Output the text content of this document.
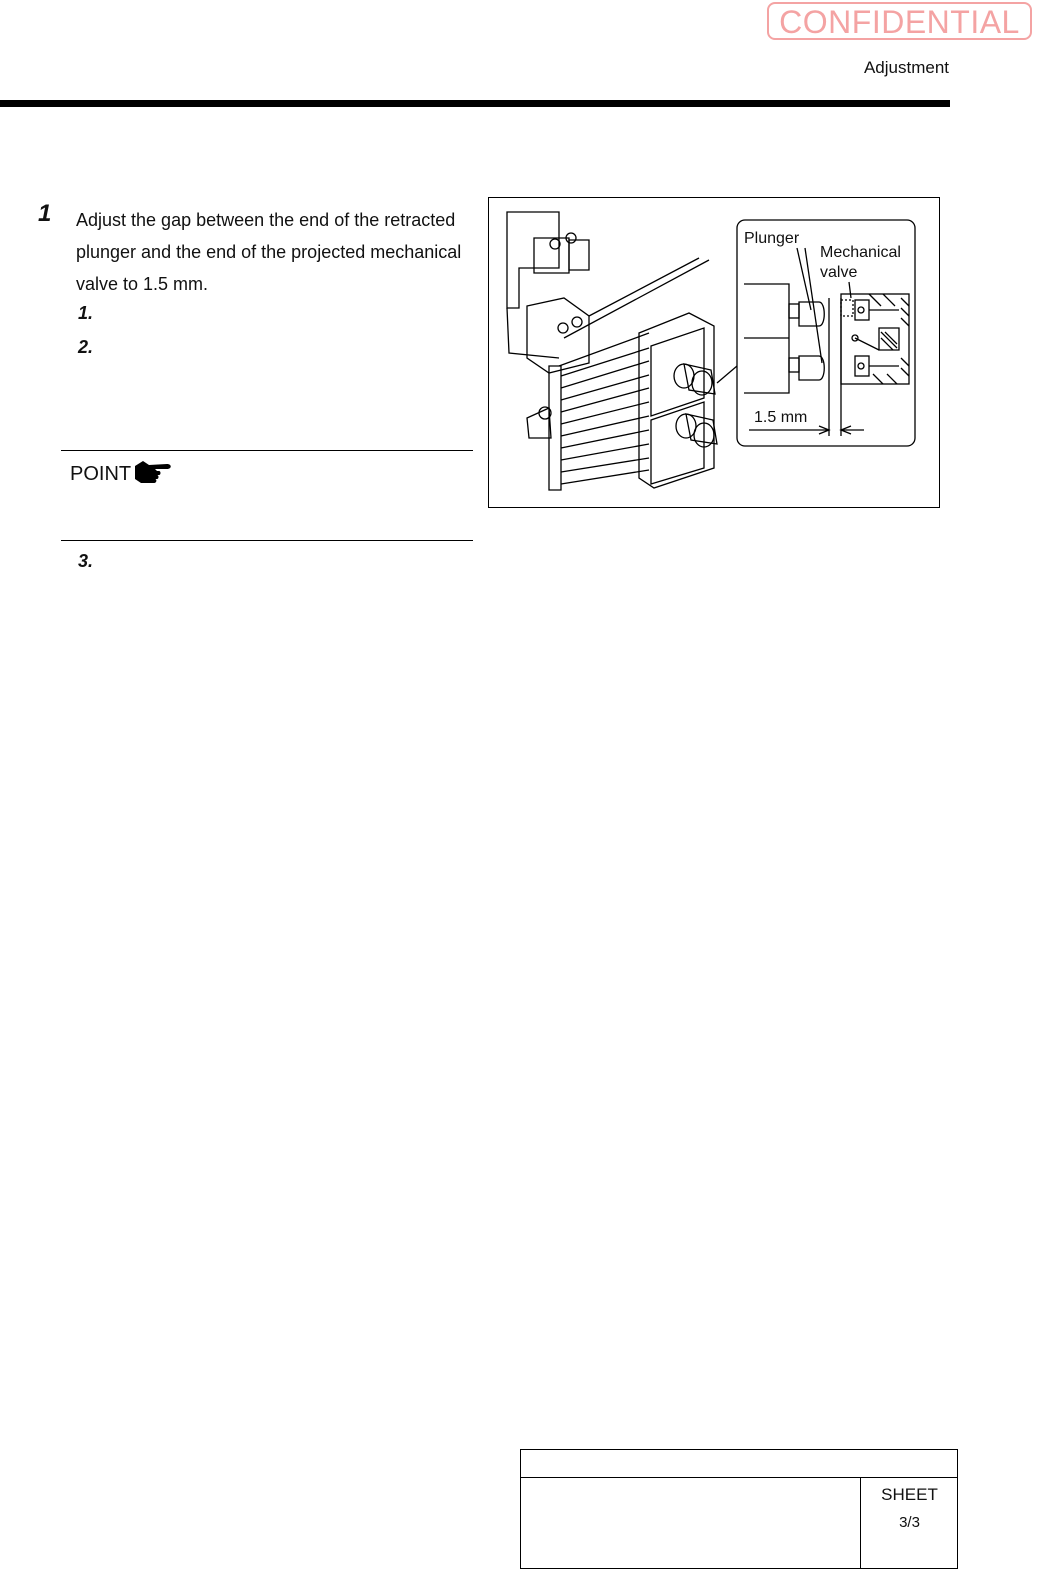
CONFIDENTIAL
Adjustment
1 Adjust the gap between the end of the retracted plunger and the end of the projected mechanical valve to 1.5 mm.
1.
2.
POINT
3.
Plunger
Mechanical
valve
1.5 mm
SHEET
3/3
